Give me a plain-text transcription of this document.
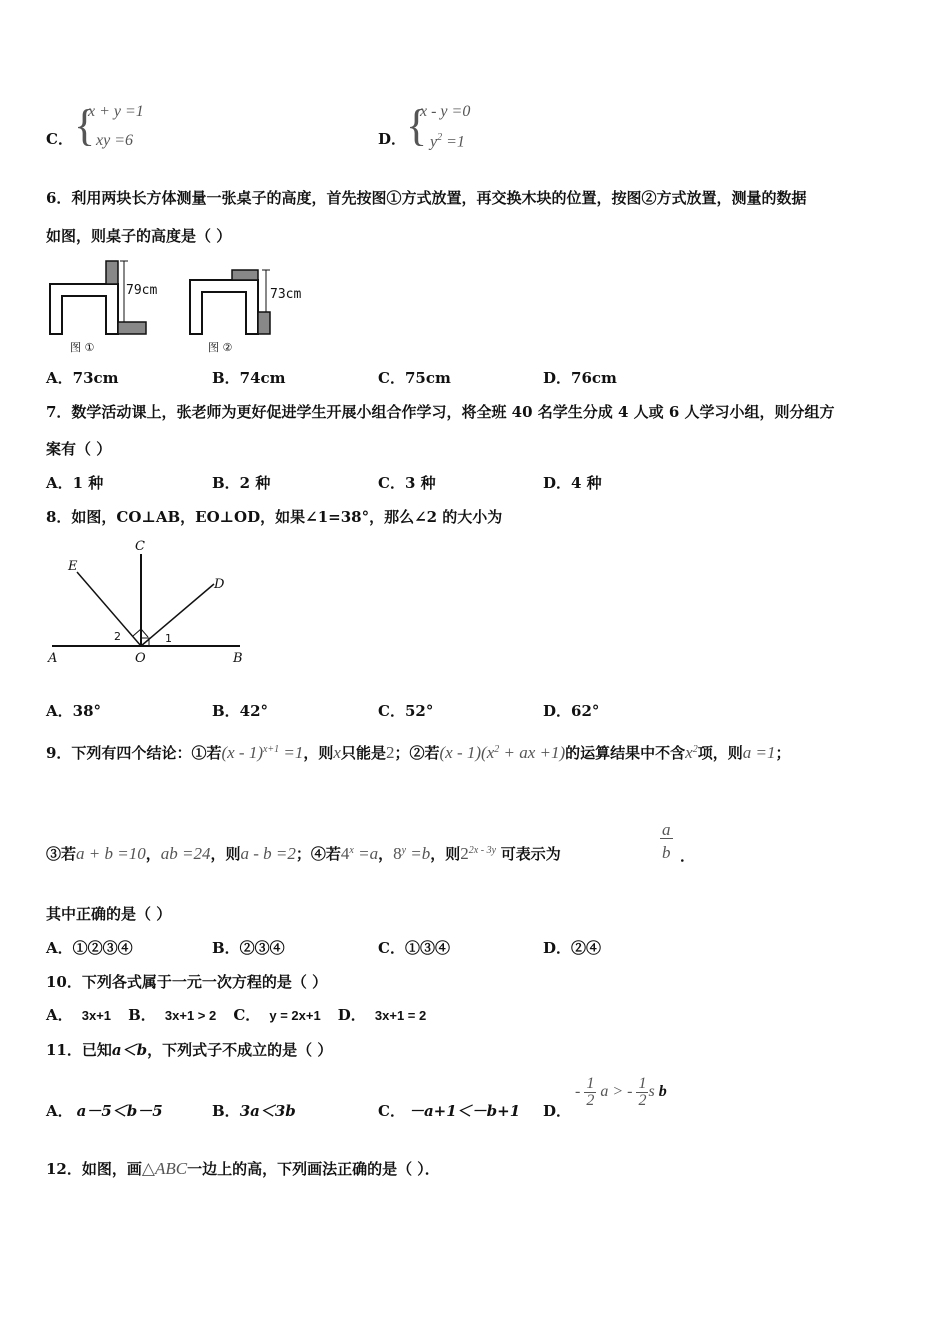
C． {
x + y =1
xy =6	D． {
x - y =0
$y^2 =1$
6．利用两块长方体测量一张桌子的高度，首先按图①方式放置，再交换木块的位置，按图②方式放置，测量的数据
如图，则桌子的高度是（ ）
79cm
图 ①
73cm
图 ②
A．73cm	B．74cm	C．75cm	D．76cm
7．数学活动课上，张老师为更好促进学生开展小组合作学习，将全班 40 名学生分成 4 人或 6 人学习小组，则分组方
案有（ ）
A．1 种	B．2 种	C．3 种	D．4 种
8．如图，CO⊥AB，EO⊥OD，如果∠1=38°，那么∠2 的大小为
C
E
D
A	O	B
1
2
A．38°	B．42°	C．52°	D．62°
9．下列有四个结论：①若(x - 1)$^{x+1}$ =1，则x只能是2；②若$(x - 1)(x^2$ + ax +1)的运算结果中不含$x^2$项，则a =1；
③若a + b =10，ab =24，则a - b =2；④若$4^x =a$，$8^y =b$，则$2^{2x - 3y}$ 可表示为	$\frac{a}{b}$ ．
其中正确的是（ ）
A．①②③④	B．②③④	C．①③④	D．②④
10．下列各式属于一元一次方程的是（ ）
A． 3x+1 B． 3x+1 > 2 C． y = 2x+1 D． 3x+1 = 2
11．已知a＜b，下列式子不成立的是（ ）
A． a－5＜b－5	B．3a＜3b	C． －a+1＜－b+1 D．
- $\frac{1}{2}$ a > - $\frac{1}{2}$ s b
12．如图，画△ABC一边上的高，下列画法正确的是（ ）．
